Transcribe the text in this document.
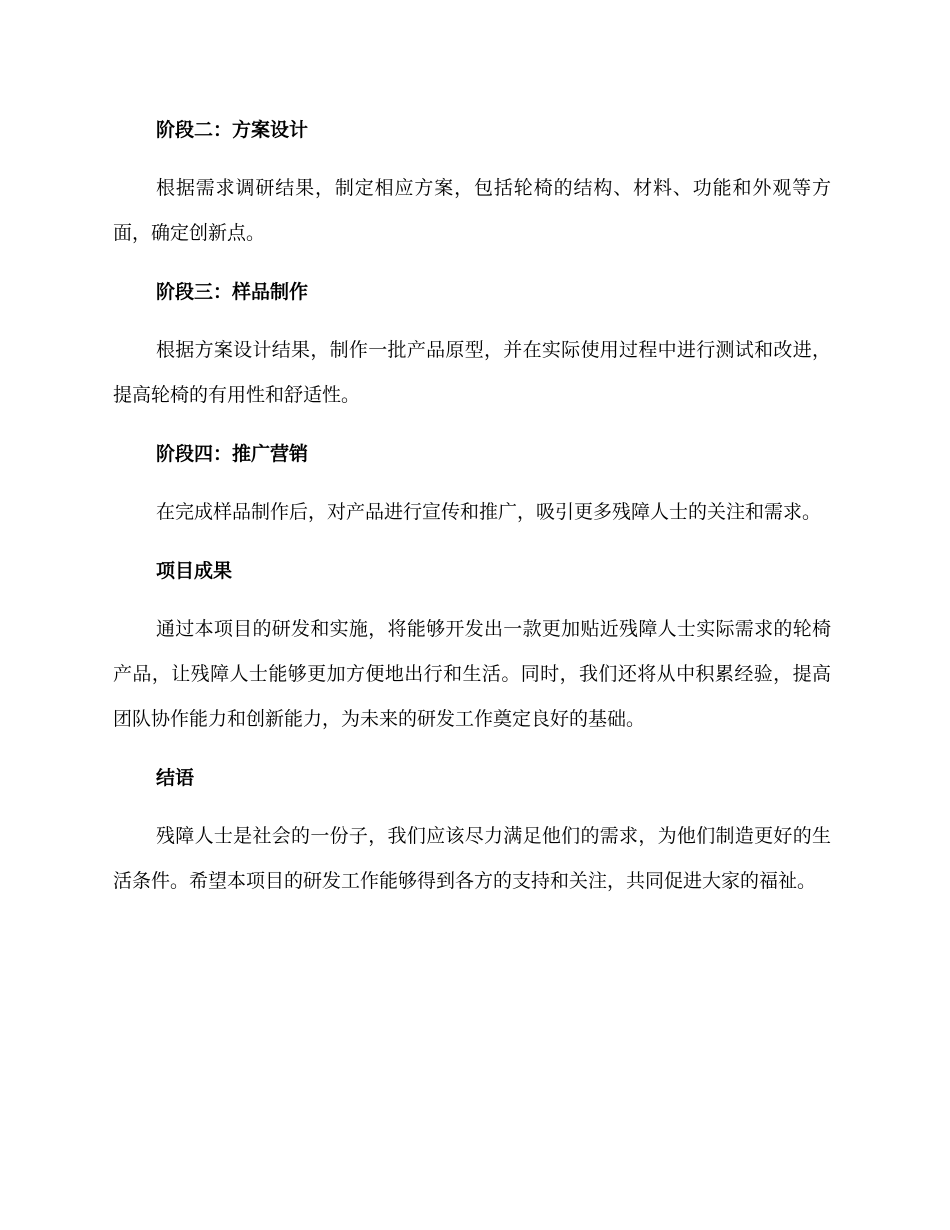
阶段二：方案设计

根据需求调研结果，制定相应方案，包括轮椅的结构、材料、功能和外观等方面，确定创新点。

阶段三：样品制作

根据方案设计结果，制作一批产品原型，并在实际使用过程中进行测试和改进，提高轮椅的有用性和舒适性。

阶段四：推广营销

在完成样品制作后，对产品进行宣传和推广，吸引更多残障人士的关注和需求。

项目成果

通过本项目的研发和实施，将能够开发出一款更加贴近残障人士实际需求的轮椅产品，让残障人士能够更加方便地出行和生活。同时，我们还将从中积累经验，提高团队协作能力和创新能力，为未来的研发工作奠定良好的基础。

结语

残障人士是社会的一份子，我们应该尽力满足他们的需求，为他们制造更好的生活条件。希望本项目的研发工作能够得到各方的支持和关注，共同促进大家的福祉。
